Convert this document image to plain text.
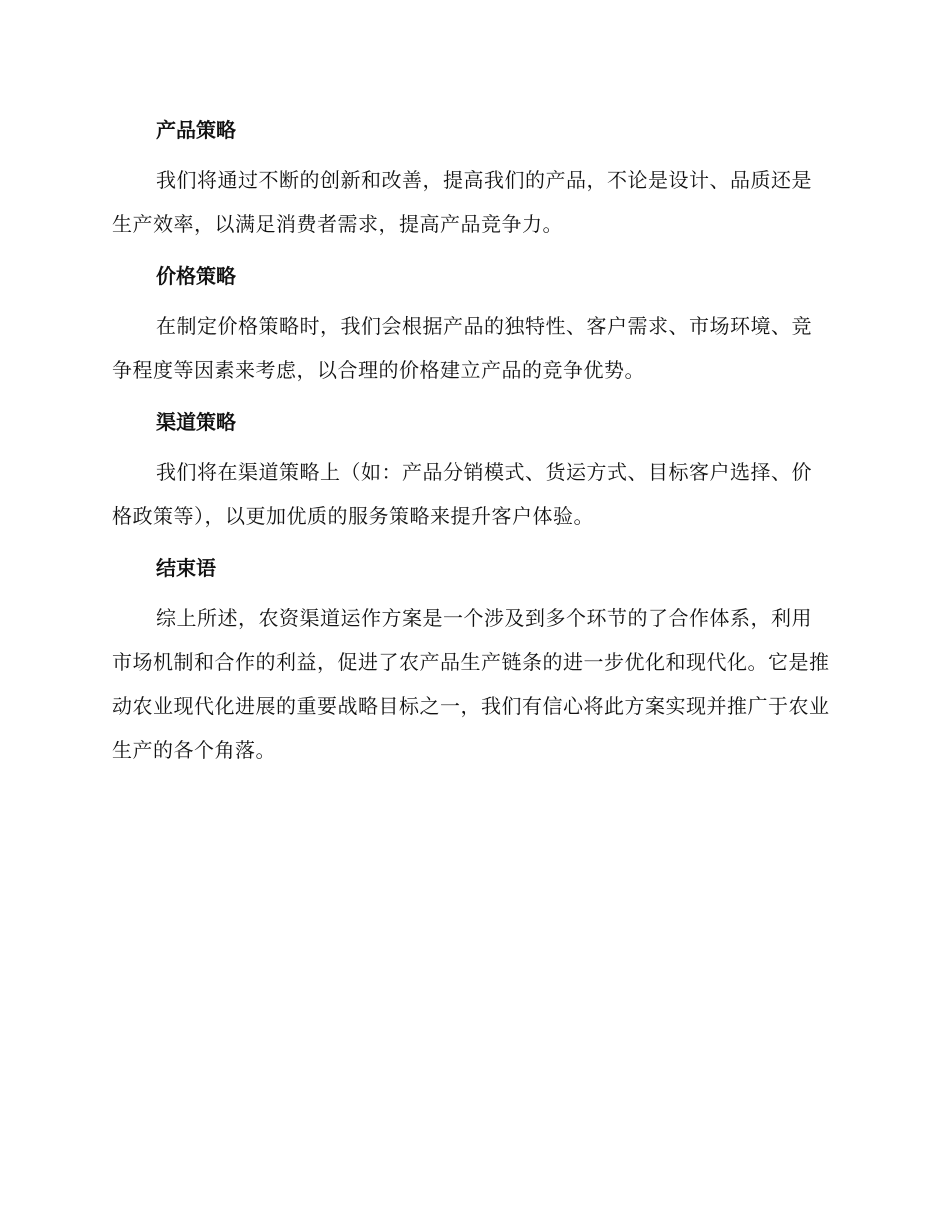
产品策略

我们将通过不断的创新和改善，提高我们的产品，不论是设计、品质还是生产效率，以满足消费者需求，提高产品竞争力。

价格策略

在制定价格策略时，我们会根据产品的独特性、客户需求、市场环境、竞争程度等因素来考虑，以合理的价格建立产品的竞争优势。

渠道策略

我们将在渠道策略上（如：产品分销模式、货运方式、目标客户选择、价格政策等），以更加优质的服务策略来提升客户体验。

结束语

综上所述，农资渠道运作方案是一个涉及到多个环节的了合作体系，利用市场机制和合作的利益，促进了农产品生产链条的进一步优化和现代化。它是推动农业现代化进展的重要战略目标之一，我们有信心将此方案实现并推广于农业生产的各个角落。
